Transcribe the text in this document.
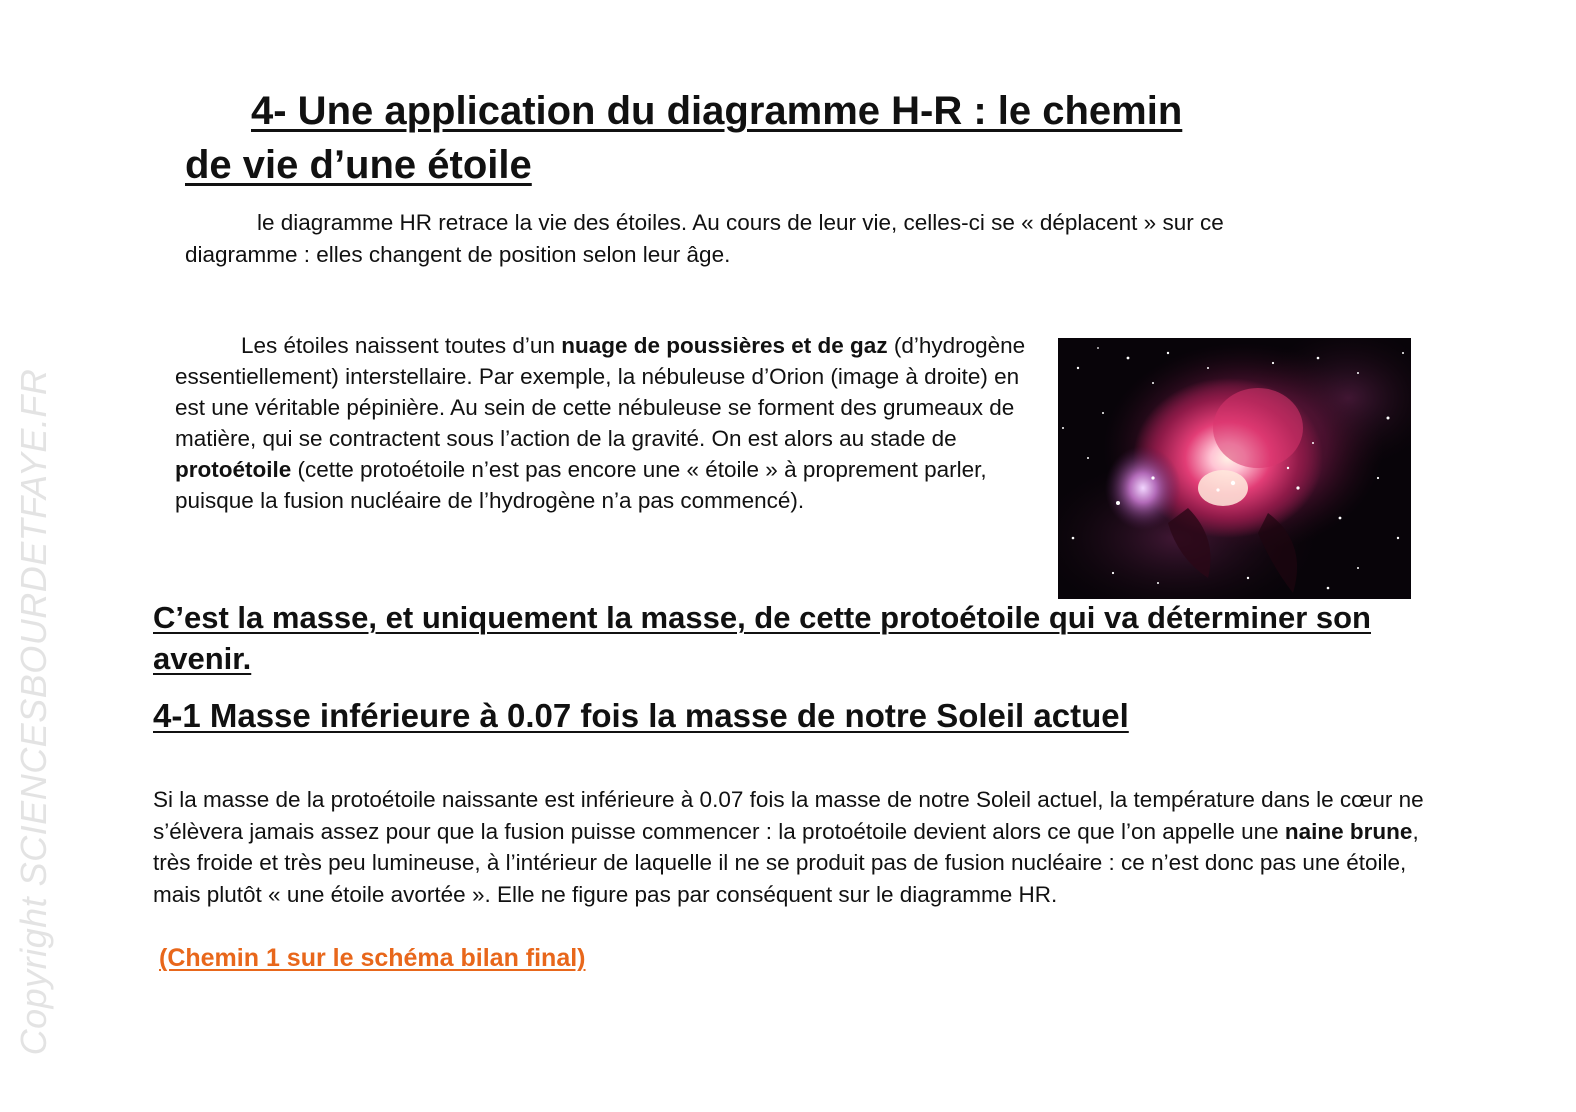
Copyright SCIENCESBOURDETFAYE.FR
4- Une application du diagramme H-R : le chemin
de vie d’une étoile

le diagramme HR retrace la vie des étoiles. Au cours de leur vie, celles-ci se « déplacent » sur ce diagramme : elles changent de position selon leur âge.

Les étoiles naissent toutes d’un nuage de poussières et de gaz (d’hydrogène essentiellement) interstellaire. Par exemple, la nébuleuse d’Orion (image à droite) en est une véritable pépinière. Au sein de cette nébuleuse se forment des grumeaux de matière, qui se contractent sous l’action de la gravité. On est alors au stade de protoétoile (cette protoétoile n’est pas encore une « étoile » à proprement parler, puisque la fusion nucléaire de l’hydrogène n’a pas commencé).

C’est la masse, et uniquement la masse, de cette protoétoile qui va déterminer son avenir.
4-1 Masse inférieure à 0.07 fois la masse de notre Soleil actuel

Si la masse de la protoétoile naissante est inférieure à 0.07 fois la masse de notre Soleil actuel, la température dans le cœur ne s’élèvera jamais assez pour que la fusion puisse commencer : la protoétoile devient alors ce que l’on appelle une naine brune, très froide et très peu lumineuse, à l’intérieur de laquelle il ne se produit pas de fusion nucléaire : ce n’est donc pas une étoile, mais plutôt « une étoile avortée ». Elle ne figure pas par conséquent sur le diagramme HR.

(Chemin 1 sur le schéma bilan final)
